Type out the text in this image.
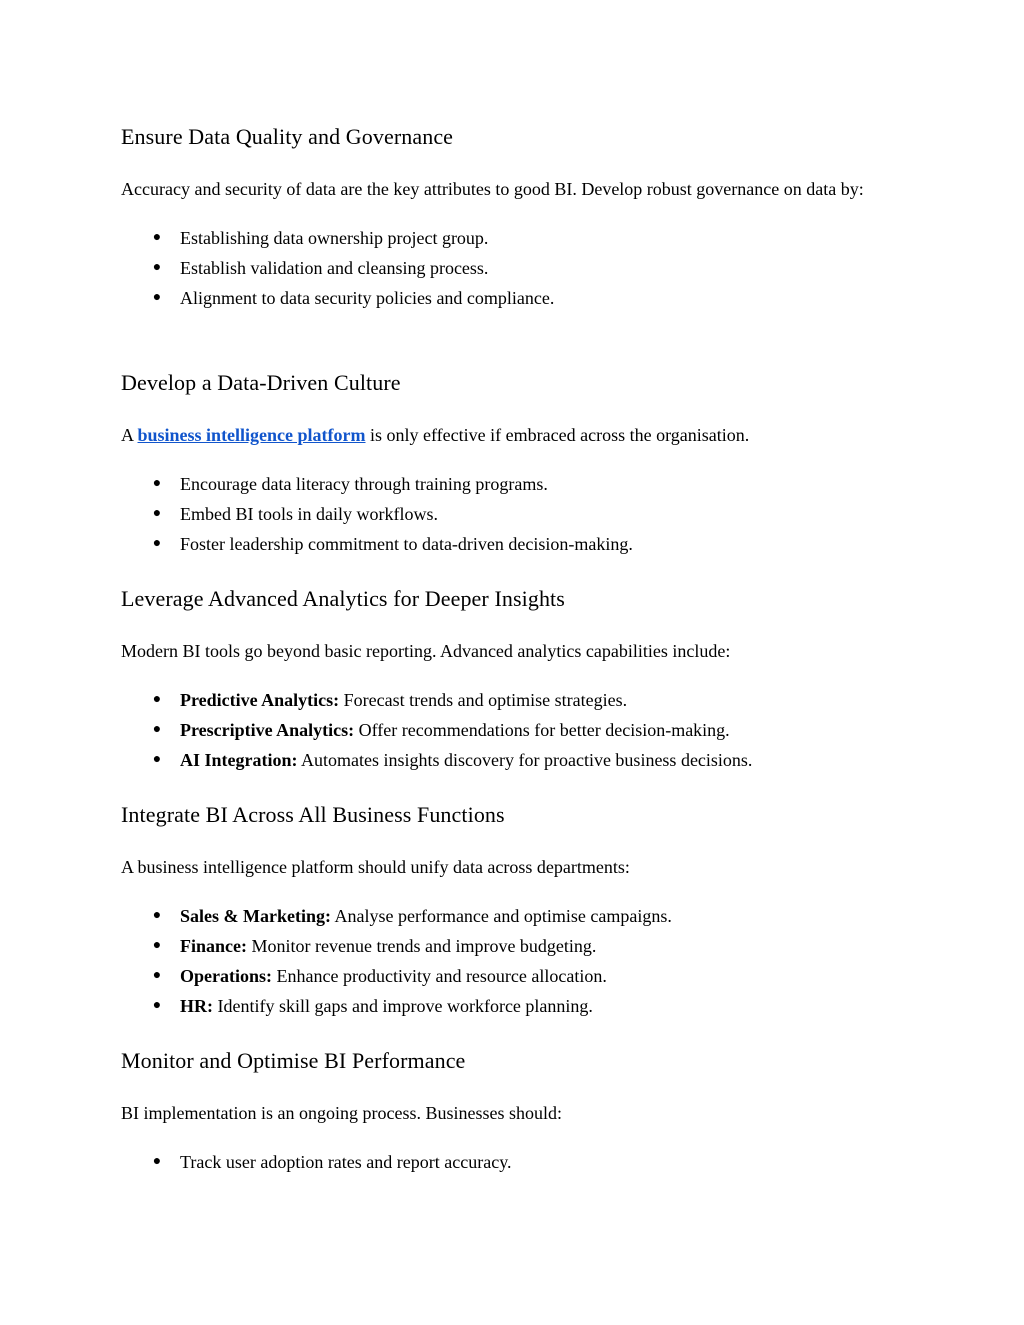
Ensure Data Quality and Governance

Accuracy and security of data are the key attributes to good BI. Develop robust governance on data by:

● Establishing data ownership project group.
● Establish validation and cleansing process.
● Alignment to data security policies and compliance.
Develop a Data-Driven Culture

A business intelligence platform is only effective if embraced across the organisation.

● Encourage data literacy through training programs.
● Embed BI tools in daily workflows.
● Foster leadership commitment to data-driven decision-making.
Leverage Advanced Analytics for Deeper Insights

Modern BI tools go beyond basic reporting. Advanced analytics capabilities include:

● Predictive Analytics: Forecast trends and optimise strategies.
● Prescriptive Analytics: Offer recommendations for better decision-making.
● AI Integration: Automates insights discovery for proactive business decisions.
Integrate BI Across All Business Functions

A business intelligence platform should unify data across departments:

● Sales & Marketing: Analyse performance and optimise campaigns.
● Finance: Monitor revenue trends and improve budgeting.
● Operations: Enhance productivity and resource allocation.
● HR: Identify skill gaps and improve workforce planning.
Monitor and Optimise BI Performance

BI implementation is an ongoing process. Businesses should:

● Track user adoption rates and report accuracy.
